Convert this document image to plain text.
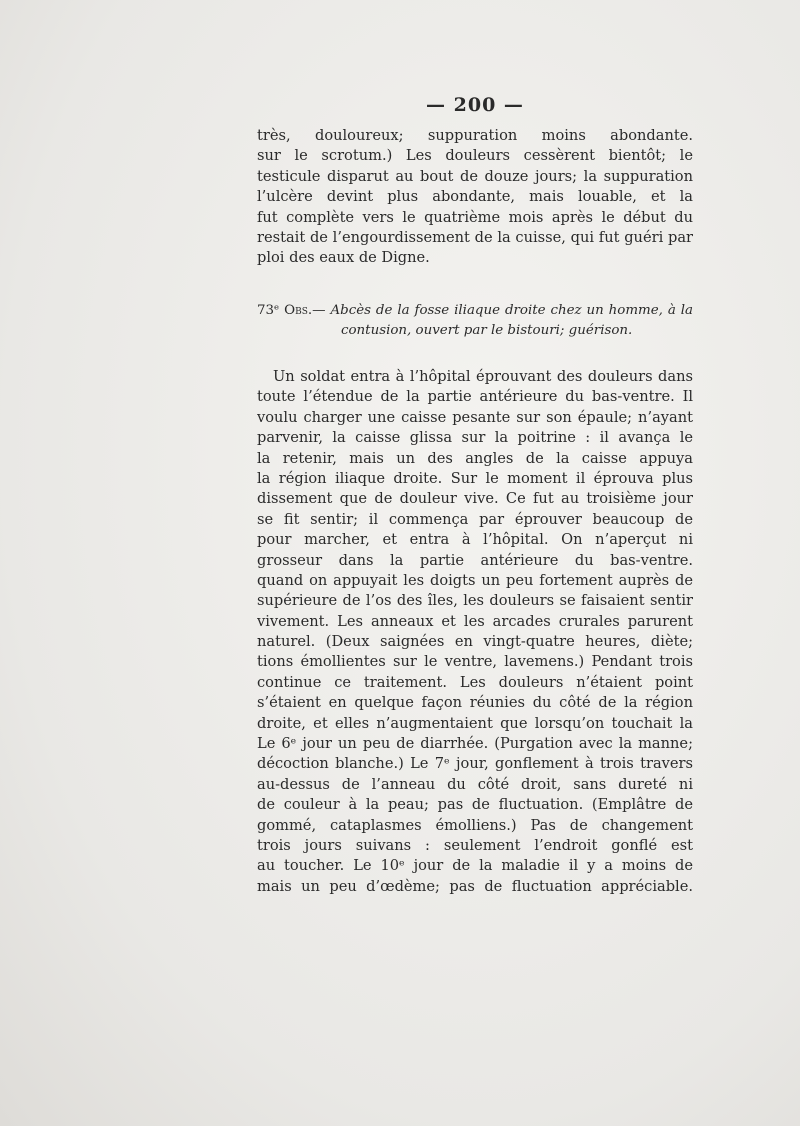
— 200 —
très, douloureux; suppuration moins abondante.
sur le scrotum.) Les douleurs cessèrent bientôt; le
testicule disparut au bout de douze jours; la suppuration
l’ulcère devint plus abondante, mais louable, et la
fut complète vers le quatrième mois après le début du
restait de l’engourdissement de la cuisse, qui fut guéri par
ploi des eaux de Digne.
73ᵉ Obs.— Abcès de la fosse iliaque droite chez un homme, à la
contusion, ouvert par le bistouri; guérison.
Un soldat entra à l’hôpital éprouvant des douleurs dans
toute l’étendue de la partie antérieure du bas-ventre. Il
voulu charger une caisse pesante sur son épaule; n’ayant
parvenir, la caisse glissa sur la poitrine : il avança le
la retenir, mais un des angles de la caisse appuya
la région iliaque droite. Sur le moment il éprouva plus
dissement que de douleur vive. Ce fut au troisième jour
se fit sentir; il commença par éprouver beaucoup de
pour marcher, et entra à l’hôpital. On n’aperçut ni
grosseur dans la partie antérieure du bas-ventre.
quand on appuyait les doigts un peu fortement auprès de
supérieure de l’os des îles, les douleurs se faisaient sentir
vivement. Les anneaux et les arcades crurales parurent
naturel. (Deux saignées en vingt-quatre heures, diète;
tions émollientes sur le ventre, lavemens.) Pendant trois
continue ce traitement. Les douleurs n’étaient point
s’étaient en quelque façon réunies du côté de la région
droite, et elles n’augmentaient que lorsqu’on touchait la
Le 6ᵉ jour un peu de diarrhée. (Purgation avec la manne;
décoction blanche.) Le 7ᵉ jour, gonflement à trois travers
au-dessus de l’anneau du côté droit, sans dureté ni
de couleur à la peau; pas de fluctuation. (Emplâtre de
gommé, cataplasmes émolliens.) Pas de changement
trois jours suivans : seulement l’endroit gonflé est
au toucher. Le 10ᵉ jour de la maladie il y a moins de
mais un peu d’œdème; pas de fluctuation appréciable.
